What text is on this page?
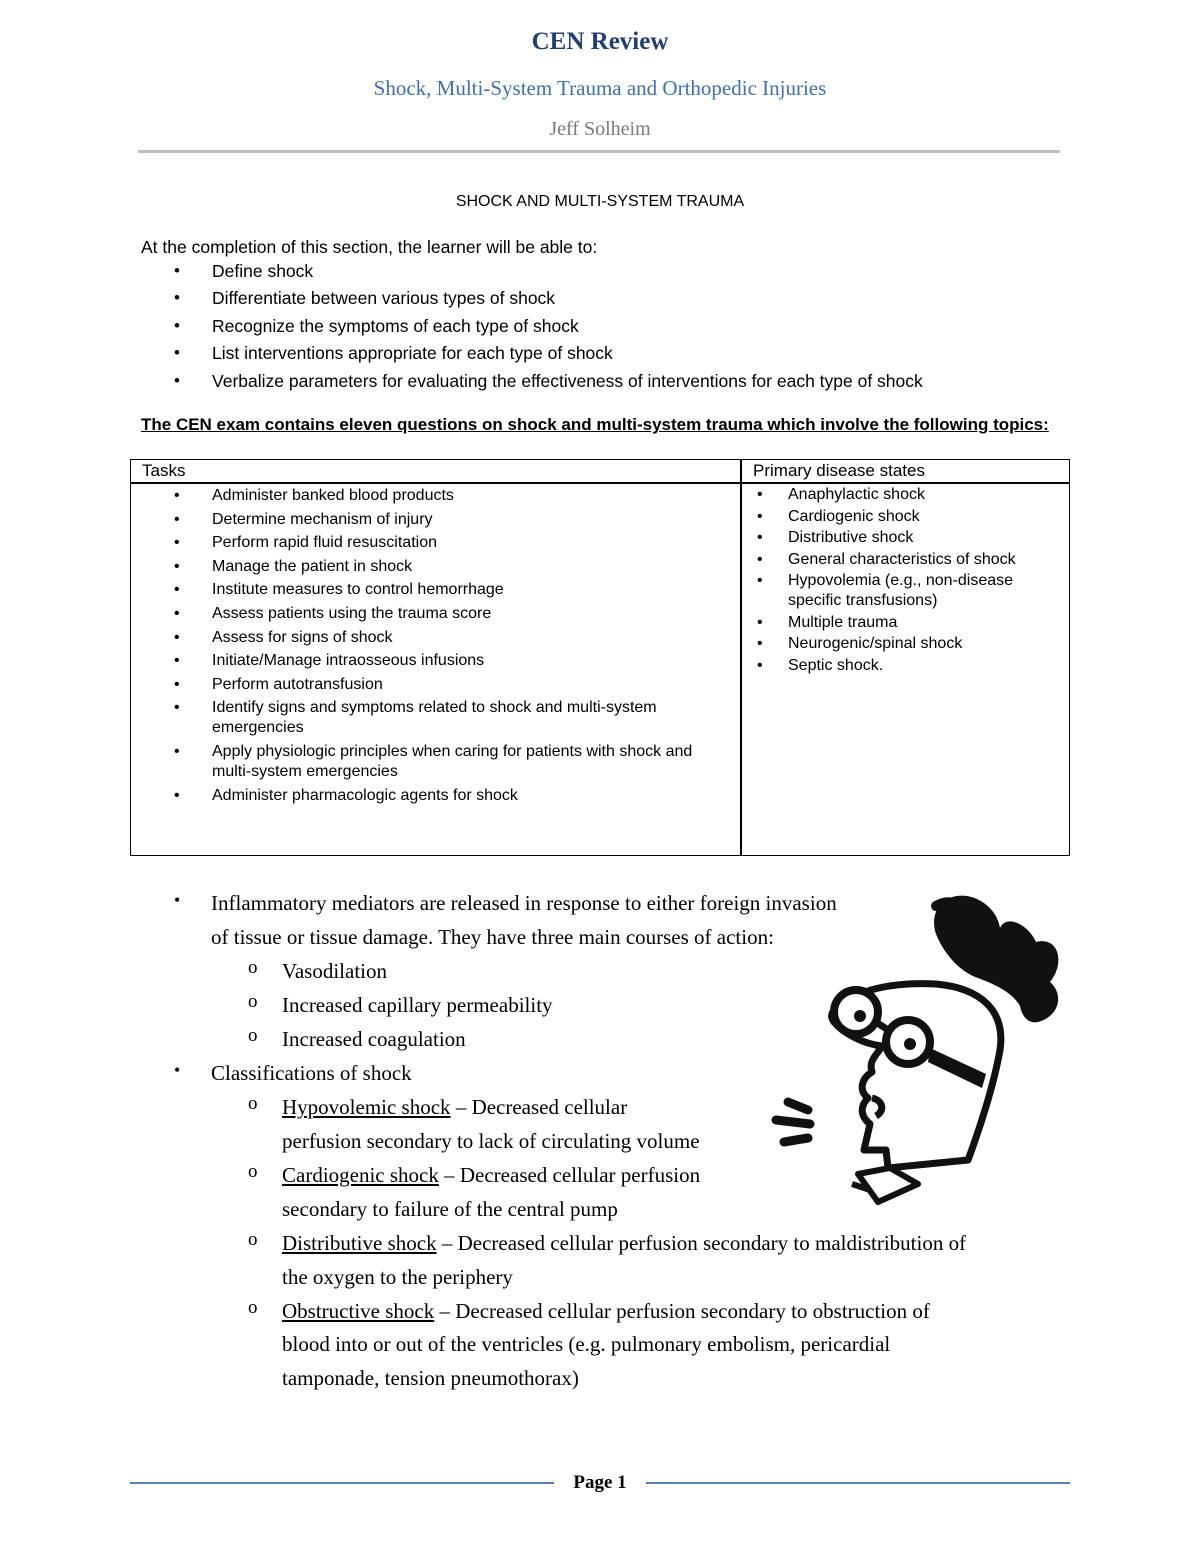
CEN Review
Shock, Multi-System Trauma and Orthopedic Injuries
Jeff Solheim
SHOCK AND MULTI-SYSTEM TRAUMA
At the completion of this section, the learner will be able to:
• Define shock
• Differentiate between various types of shock
• Recognize the symptoms of each type of shock
• List interventions appropriate for each type of shock
• Verbalize parameters for evaluating the effectiveness of interventions for each type of shock
The CEN exam contains eleven questions on shock and multi-system trauma which involve the following topics:
Tasks	Primary disease states
• Administer banked blood products
• Determine mechanism of injury
• Perform rapid fluid resuscitation
• Manage the patient in shock
• Institute measures to control hemorrhage
• Assess patients using the trauma score
• Assess for signs of shock
• Initiate/Manage intraosseous infusions
• Perform autotransfusion
• Identify signs and symptoms related to shock and multi-system emergencies
• Apply physiologic principles when caring for patients with shock and multi-system emergencies
• Administer pharmacologic agents for shock
• Anaphylactic shock
• Cardiogenic shock
• Distributive shock
• General characteristics of shock
• Hypovolemia (e.g., non-disease specific transfusions)
• Multiple trauma
• Neurogenic/spinal shock
• Septic shock.
• Inflammatory mediators are released in response to either foreign invasion
of tissue or tissue damage. They have three main courses of action:
o Vasodilation
o Increased capillary permeability
o Increased coagulation
• Classifications of shock
o Hypovolemic shock – Decreased cellular
perfusion secondary to lack of circulating volume
o Cardiogenic shock – Decreased cellular perfusion
secondary to failure of the central pump
o Distributive shock – Decreased cellular perfusion secondary to maldistribution of
the oxygen to the periphery
o Obstructive shock – Decreased cellular perfusion secondary to obstruction of
blood into or out of the ventricles (e.g. pulmonary embolism, pericardial
tamponade, tension pneumothorax)
Page 1
